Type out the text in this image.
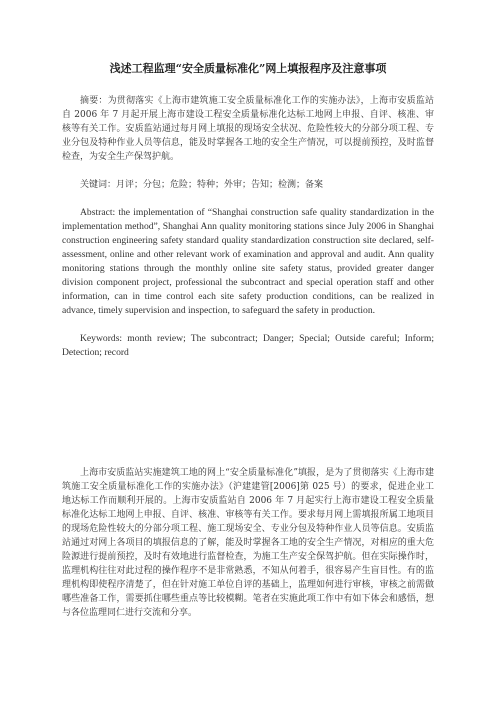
浅述工程监理“安全质量标准化”网上填报程序及注意事项

摘要：为贯彻落实《上海市建筑施工安全质量标准化工作的实施办法》，上海市安质监站自 2006 年 7 月起开展上海市建设工程安全质量标准化达标工地网上申报、自评、核准、审核等有关工作。安质监站通过每月网上填报的现场安全状况、危险性较大的分部分项工程、专业分包及特种作业人员等信息，能及时掌握各工地的安全生产情况，可以提前预控，及时监督检查，为安全生产保驾护航。

关键词：月评；分包；危险；特种；外审；告知；检测；备案

Abstract: the implementation of “Shanghai construction safe quality standardization in the implementation method”, Shanghai Ann quality monitoring stations since July 2006 in Shanghai construction engineering safety standard quality standardization construction site declared, self-assessment, online and other relevant work of examination and approval and audit. Ann quality monitoring stations through the monthly online site safety status, provided greater danger division component project, professional the subcontract and special operation staff and other information, can in time control each site safety production conditions, can be realized in advance, timely supervision and inspection, to safeguard the safety in production.

Keywords: month review; The subcontract; Danger; Special; Outside careful; Inform; Detection; record

上海市安质监站实施建筑工地的网上“安全质量标准化”填报，是为了贯彻落实《上海市建筑施工安全质量标准化工作的实施办法》（沪建建管[2006]第 025 号）的要求，促进企业工地达标工作而顺利开展的。上海市安质监站自 2006 年 7 月起实行上海市建设工程安全质量标准化达标工地网上申报、自评、核准、审核等有关工作。要求每月网上需填报所属工地项目的现场危险性较大的分部分项工程、施工现场安全、专业分包及特种作业人员等信息。安质监站通过对网上各项目的填报信息的了解，能及时掌握各工地的安全生产情况，对相应的重大危险源进行提前预控，及时有效地进行监督检查，为施工生产安全保驾护航。但在实际操作时，监理机构往往对此过程的操作程序不是非常熟悉，不知从何着手，很容易产生盲目性。有的监理机构即使程序清楚了，但在针对施工单位自评的基础上，监理如何进行审核，审核之前需做哪些准备工作，需要抓住哪些重点等比较模糊。笔者在实施此项工作中有如下体会和感悟，想与各位监理同仁进行交流和分享。
